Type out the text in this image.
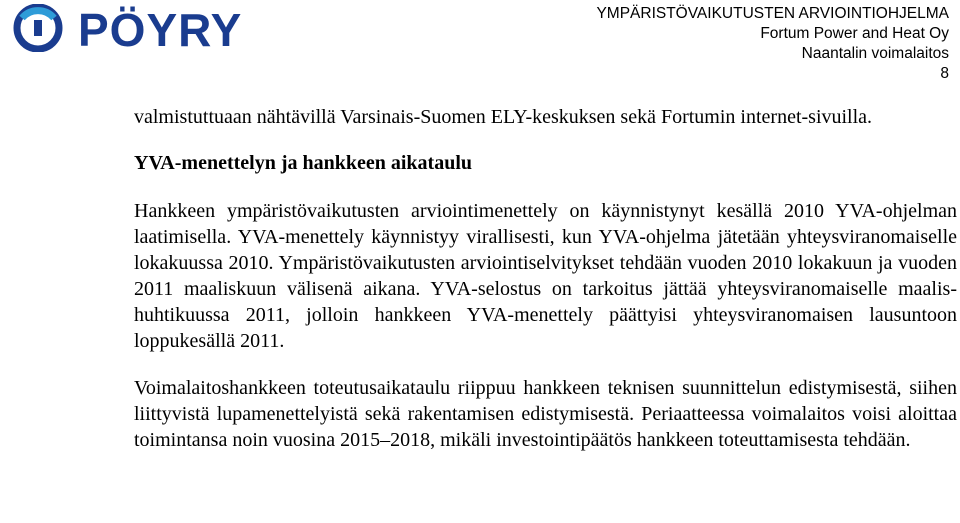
PÖYRY	YMPÄRISTÖVAIKUTUSTEN ARVIOINTIOHJELMA
Fortum Power and Heat Oy
Naantalin voimalaitos
8

valmistuttuaan nähtävillä Varsinais-Suomen ELY-keskuksen sekä Fortumin internet-sivuilla.

YVA-menettelyn ja hankkeen aikataulu

Hankkeen ympäristövaikutusten arviointimenettely on käynnistynyt kesällä 2010 YVA-ohjelman laatimisella. YVA-menettely käynnistyy virallisesti, kun YVA-ohjelma jätetään yhteysviranomaiselle lokakuussa 2010. Ympäristövaikutusten arviointiselvitykset tehdään vuoden 2010 lokakuun ja vuoden 2011 maaliskuun välisenä aikana. YVA-selostus on tarkoitus jättää yhteysviranomaiselle maalis-huhtikuussa 2011, jolloin hankkeen YVA-menettely päättyisi yhteysviranomaisen lausuntoon loppukesällä 2011.

Voimalaitoshankkeen toteutusaikataulu riippuu hankkeen teknisen suunnittelun edistymisestä, siihen liittyvistä lupamenettelyistä sekä rakentamisen edistymisestä. Periaatteessa voimalaitos voisi aloittaa toimintansa noin vuosina 2015–2018, mikäli investointipäätös hankkeen toteuttamisesta tehdään.
